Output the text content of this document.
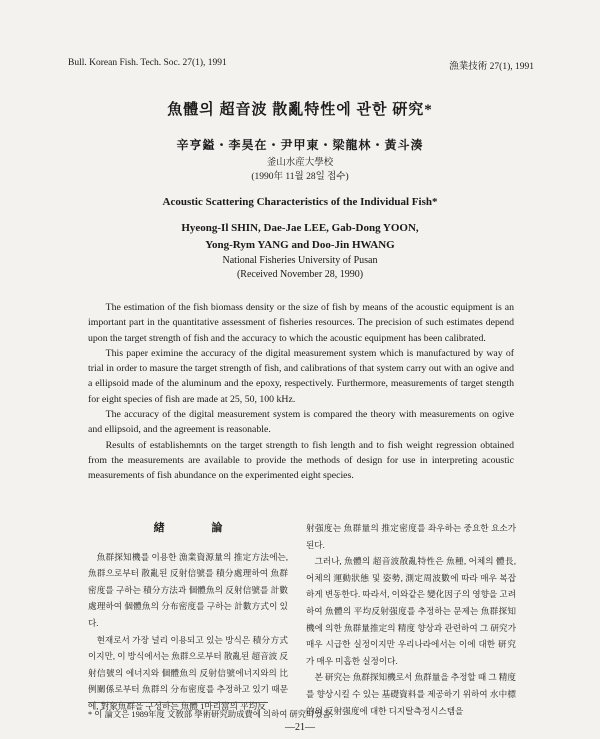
Bull. Korean Fish. Tech. Soc. 27(1), 1991	漁業技術 27(1), 1991
魚體의 超音波 散亂特性에 관한 硏究*
辛亨鎰・李昊在・尹甲東・梁龍林・黃斗湊
釜山水産大學校
(1990年 11월 28일 접수)
Acoustic Scattering Characteristics of the Individual Fish*
Hyeong-Il SHIN, Dae-Jae LEE, Gab-Dong YOON,
Yong-Rym YANG and Doo-Jin HWANG
National Fisheries University of Pusan
(Received November 28, 1990)

The estimation of the fish biomass density or the size of fish by means of the acoustic equipment is an important part in the quantitative assessment of fisheries resources. The precision of such estimates depend upon the target strength of fish and the accuracy to which the acoustic equipment has been calibrated.

This paper eximine the accuracy of the digital measurement system which is manufactured by way of trial in order to masure the target strength of fish, and calibrations of that system carry out with an ogive and a ellipsoid made of the aluminum and the epoxy, respectively. Furthermore, measurements of target stength for eight species of fish are made at 25, 50, 100 kHz.

The accuracy of the digital measurement system is compared the theory with measurements on ogive and ellipsoid, and the agreement is reasonable.

Results of establishemnts on the target strength to fish length and to fish weight regression obtained from the measurements are available to provide the methods of design for use in interpreting acoustic measurements of fish abundance on the experimented eight species.

緖 論

魚群探知機를 이용한 漁業資源量의 推定方法에는, 魚群으로부터 散亂된 反射信號를 積分處理하여 魚群密度를 구하는 積分方法과 個體魚의 反射信號를 計數處理하여 個體魚의 分布密度를 구하는 計數方式이 있다.

현재로서 가장 널리 이용되고 있는 방식은 積分方式이지만, 이 방식에서는 魚群으로부터 散亂된 超音波 反射信號의 에너지와 個體魚의 反射信號에너지와의 比例關係로부터 魚群의 分布密度를 추정하고 있기 때문에, 對象魚群을 구성하는 魚體 1마리當의 平均反

射强度는 魚群量의 推定密度를 좌우하는 중요한 요소가 된다.

그러나, 魚體의 超音波散亂特性은 魚種, 어체의 體長, 어체의 運動狀態 및 姿勢, 測定周波數에 따라 매우 복잡하게 변동한다. 따라서, 이와같은 變化因子의 영향을 고려하여 魚體의 平均反射强度를 추정하는 문제는 魚群探知機에 의한 魚群量推定의 精度 향상과 관련하여 그 研究가 매우 시급한 실정이지만 우리나라에서는 이에 대한 研究가 매우 미흡한 실정이다.

본 研究는 魚群探知機로서 魚群量을 추정할 때 그 精度를 향상시킬 수 있는 基礎資料를 제공하기 위하여 水中標的의 反射强度에 대한 디지탈측정시스템을

* 이 論文은 1989年度 文敎部 學術研究助成費에 의하여 研究되었음.
—21—
